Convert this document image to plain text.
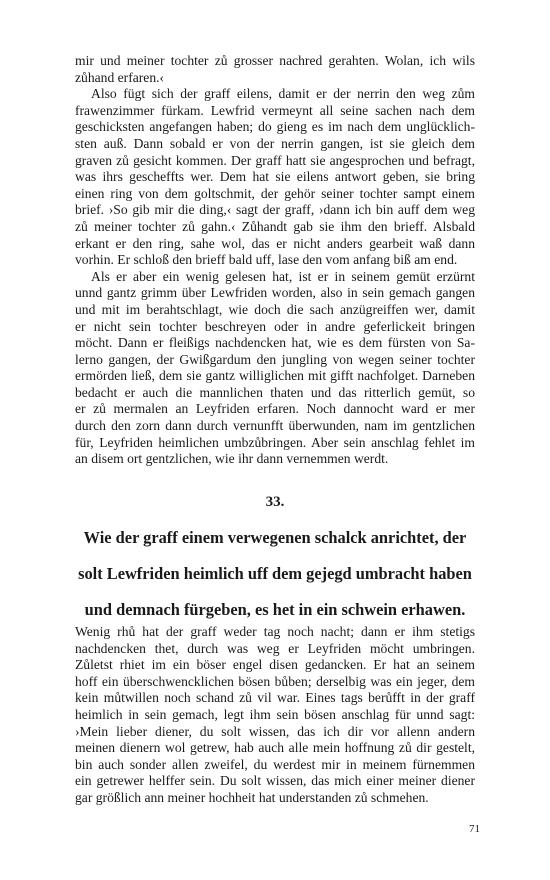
mir und meiner tochter zů grosser nachred gerahten. Wolan, ich wils
zůhand erfaren.‹

Also fügt sich der graff eilens, damit er der nerrin den weg zům
frawenzimmer fürkam. Lewfrid vermeynt all seine sachen nach dem
geschicksten angefangen haben; do gieng es im nach dem unglücklich-
sten auß. Dann sobald er von der nerrin gangen, ist sie gleich dem
graven zů gesicht kommen. Der graff hatt sie angesprochen und befragt,
was ihrs gescheffts wer. Dem hat sie eilens antwort geben, sie bring
einen ring von dem goltschmit, der gehör seiner tochter sampt einem
brief. ›So gib mir die ding,‹ sagt der graff, ›dann ich bin auff dem weg
zů meiner tochter zů gahn.‹ Zůhandt gab sie ihm den brieff. Alsbald
erkant er den ring, sahe wol, das er nicht anders gearbeit waß dann
vorhin. Er schloß den brieff bald uff, lase den vom anfang biß am end.

Als er aber ein wenig gelesen hat, ist er in seinem gemüt erzürnt
unnd gantz grimm über Lewfriden worden, also in sein gemach gangen
und mit im berahtschlagt, wie doch die sach anzügreiffen wer, damit
er nicht sein tochter beschreyen oder in andre geferlickeit bringen
möcht. Dann er fleißigs nachdencken hat, wie es dem fürsten von Sa-
lerno gangen, der Gwißgardum den jungling von wegen seiner tochter
ermörden ließ, dem sie gantz williglichen mit gifft nachfolget. Darneben
bedacht er auch die mannlichen thaten und das ritterlich gemüt, so
er zů mermalen an Leyfriden erfaren. Noch dannocht ward er mer
durch den zorn dann durch vernunfft überwunden, nam im gentzlichen
für, Leyfriden heimlichen umbzůbringen. Aber sein anschlag fehlet im
an disem ort gentzlichen, wie ihr dann vernemmen werdt.

33.
Wie der graff einem verwegenen schalck anrichtet, der
solt Lewfriden heimlich uff dem gejegd umbracht haben
und demnach fürgeben, es het in ein schwein erhawen.

Wenig rhů hat der graff weder tag noch nacht; dann er ihm stetigs
nachdencken thet, durch was weg er Leyfriden möcht umbringen.
Zůletst rhiet im ein böser engel disen gedancken. Er hat an seinem
hoff ein überschwencklichen bösen bůben; derselbig was ein jeger, dem
kein můtwillen noch schand zů vil war. Eines tags berůfft in der graff
heimlich in sein gemach, legt ihm sein bösen anschlag für unnd sagt:
›Mein lieber diener, du solt wissen, das ich dir vor allenn andern
meinen dienern wol getrew, hab auch alle mein hoffnung zů dir gestelt,
bin auch sonder allen zweifel, du werdest mir in meinem fürnemmen
ein getrewer helffer sein. Du solt wissen, das mich einer meiner diener
gar größlich ann meiner hochheit hat understanden zů schmehen.

71
